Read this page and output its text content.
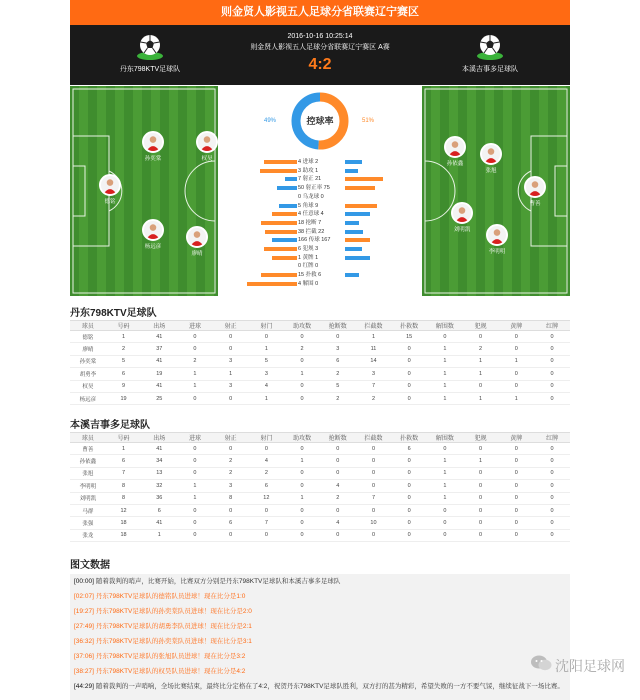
则金贤人影视五人足球分省联赛辽宁赛区
丹东798KTV足球队
2016-10-16 10:25:14
则金贤人影视五人足球分省联赛辽宁赛区 A赛
4:2	本溪吉事多足球队
孙奕棠	权昊
德铭
杨远彦
廖晴
孙依鑫
张旭
曹善
刘明凯
李明明
49%	控球率	51%
4 进球 2
3 助攻 1
7 射正 21
50 射正率 75
0 乌龙球 0
5 角球 9
4 任意球 4
18 抢断 7
38 拦截 22
166 传球 167
6 犯规 3
1 黄牌 1
0 红牌 0
15 扑救 6
4 解围 0
丹东798KTV足球队
球员	号码	出场	进球	射正	射门	助攻数	抢断数	拦截数	扑救数	解围数	犯规	黄牌	红牌
德铭	1	41	0	0	0	0	0	1	15	0	0	0	0
廖晴	2	37	0	0	1	2	3	11	0	1	2	0	0
孙奕棠	5	41	2	3	5	0	6	14	0	1	1	1	0
胡勇李	6	19	1	1	3	1	2	3	0	1	1	0	0
权昊	9	41	1	3	4	0	5	7	0	1	0	0	0
杨远彦	19	25	0	0	1	0	2	2	0	1	1	1	0
本溪吉事多足球队
球员	号码	出场	进球	射正	射门	助攻数	抢断数	拦截数	扑救数	解围数	犯规	黄牌	红牌
曹善	1	41	0	0	0	0	0	0	6	0	0	0	0
孙依鑫	6	34	0	2	4	1	0	0	0	1	1	0	0
张旭	7	13	0	2	2	0	0	0	0	1	0	0	0
李明明	8	32	1	3	6	0	4	0	0	1	0	0	0
刘明凯	8	36	1	8	12	1	2	7	0	1	0	0	0
马群	12	6	0	0	0	0	0	0	0	0	0	0	0
张强	18	41	0	6	7	0	4	10	0	0	0	0	0
张龙	18	1	0	0	0	0	0	0	0	0	0	0	0
图文数据
[00:00] 随着裁判的哨声，比赛开始，比赛双方分别是丹东798KTV足球队和本溪吉事多足球队
[02:07] 丹东798KTV足球队的德铭队员进球！现在比分是1:0
[19:27] 丹东798KTV足球队的孙奕棠队员进球！现在比分是2:0
[27:49] 丹东798KTV足球队的胡勇李队员进球！现在比分是2:1
[36:32] 丹东798KTV足球队的孙奕棠队员进球！现在比分是3:1
[37:06] 丹东798KTV足球队的张旭队员进球！现在比分是3:2
[38:27] 丹东798KTV足球队的权昊队员进球！现在比分是4:2
[44:29] 随着裁判的一声哨响，全场比赛结束，最终比分定格在了4:2，祝贺丹东798KTV足球队胜利，双方打的甚为精彩，希望失败的一方不要气馁，继续征战下一场比赛。
沈阳足球网
